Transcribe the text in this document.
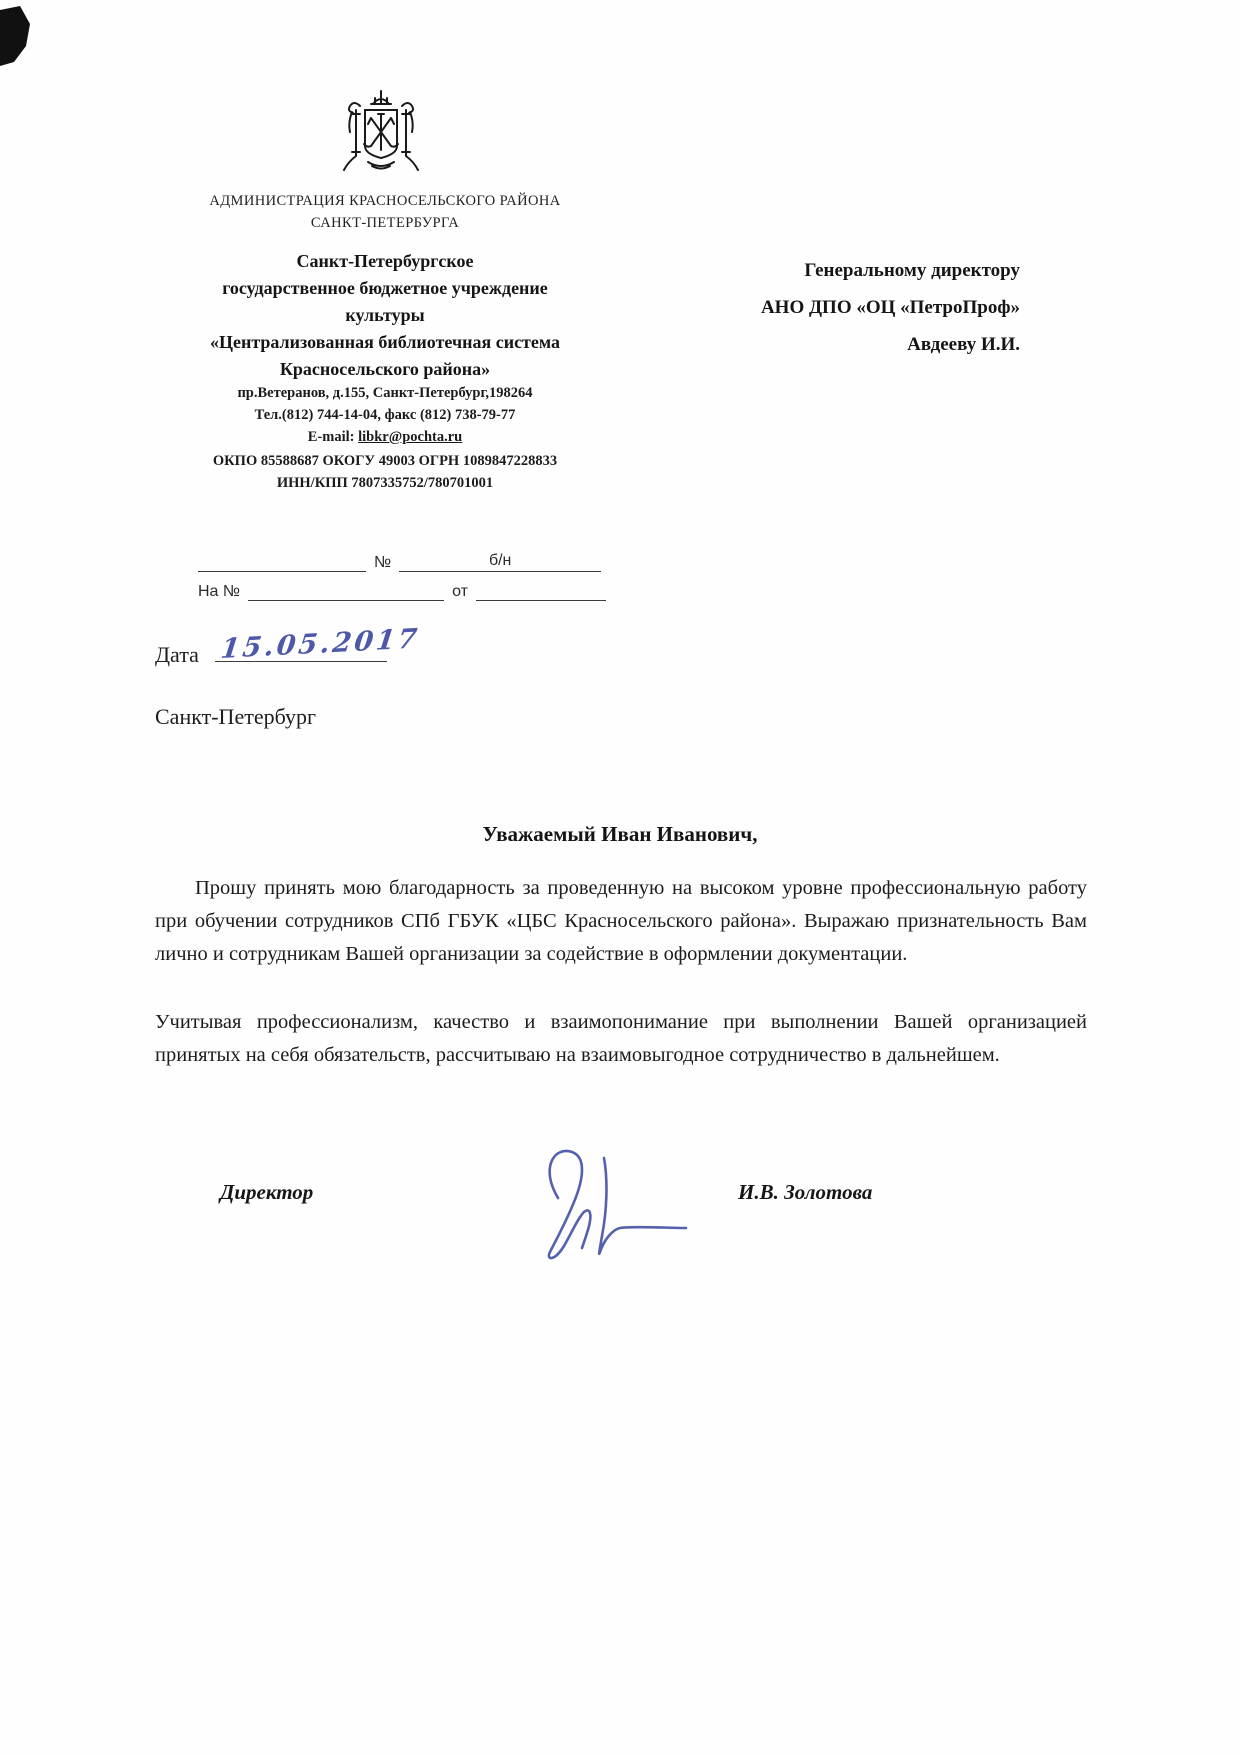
АДМИНИСТРАЦИЯ КРАСНОСЕЛЬСКОГО РАЙОНА
САНКТ-ПЕТЕРБУРГА
Санкт-Петербургское
государственное бюджетное учреждение
культуры
«Централизованная библиотечная система
Красносельского района»
Генеральному директору
АНО ДПО «ОЦ «ПетроПроф»
Авдееву И.И.
пр.Ветеранов, д.155, Санкт-Петербург,198264
Тел.(812) 744-14-04, факс (812) 738-79-77
E-mail: libkr@pochta.ru
ОКПО 85588687 ОКОГУ 49003 ОГРН 1089847228833
ИНН/КПП 7807335752/780701001
№	б/н
На №	от
Дата 15.05.2017
Санкт-Петербург
Уважаемый Иван Иванович,
Прошу принять мою благодарность за проведенную на высоком уровне профессиональную работу при обучении сотрудников СПб ГБУК «ЦБС Красносельского района». Выражаю признательность Вам лично и сотрудникам Вашей организации за содействие в оформлении документации.
Учитывая профессионализм, качество и взаимопонимание при выполнении Вашей организацией принятых на себя обязательств, рассчитываю на взаимовыгодное сотрудничество в дальнейшем.
Директор	И.В. Золотова
